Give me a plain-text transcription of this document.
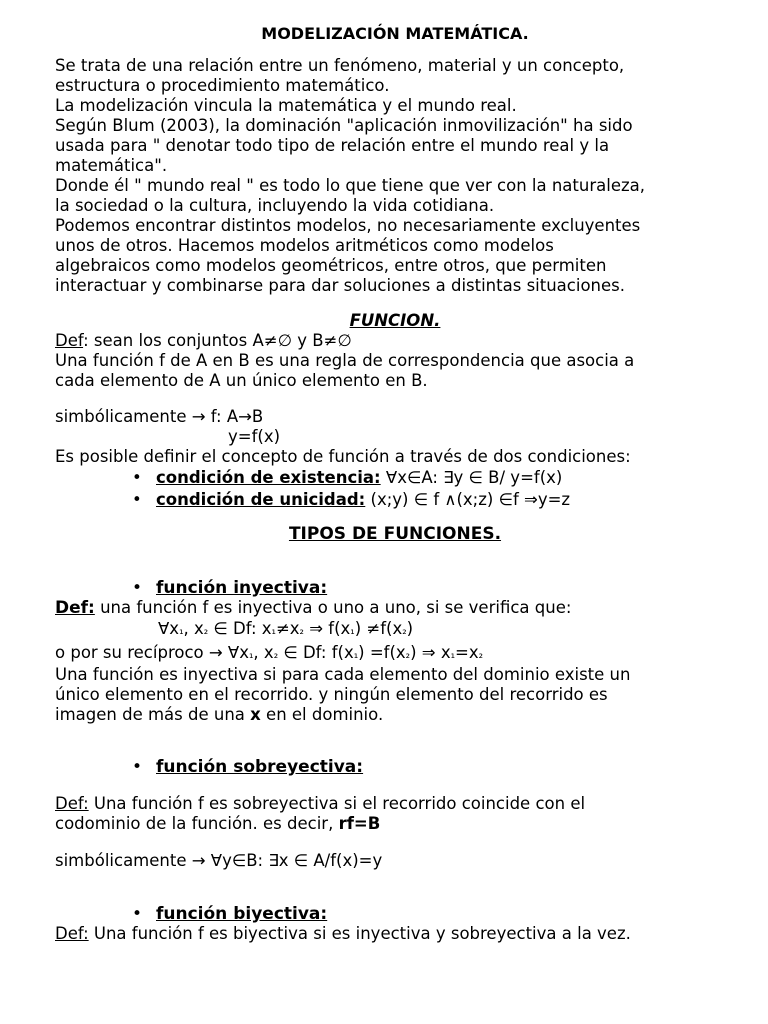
MODELIZACIÓN MATEMÁTICA.

Se trata de una relación entre un fenómeno, material y un concepto,

estructura o procedimiento matemático.

La modelización vincula la matemática y el mundo real.

Según Blum (2003), la dominación "aplicación inmovilización" ha sido

usada para " denotar todo tipo de relación entre el mundo real y la

matemática".

Donde él " mundo real " es todo lo que tiene que ver con la naturaleza,

la sociedad o la cultura, incluyendo la vida cotidiana.

Podemos encontrar distintos modelos, no necesariamente excluyentes

unos de otros. Hacemos modelos aritméticos como modelos

algebraicos como modelos geométricos, entre otros, que permiten

interactuar y combinarse para dar soluciones a distintas situaciones.

FUNCION.

Def: sean los conjuntos A≠∅ y B≠∅

Una función f de A en B es una regla de correspondencia que asocia a

cada elemento de A un único elemento en B.

simbólicamente → f: A→B

y=f(x)

Es posible definir el concepto de función a través de dos condiciones:

• condición de existencia: ∀x∈A: ∃y ∈ B/ y=f(x)

• condición de unicidad: (x;y) ∈ f ∧(x;z) ∈f ⇒y=z

TIPOS DE FUNCIONES.

• función inyectiva:

Def: una función f es inyectiva o uno a uno, si se verifica que:

∀x₁, x₂ ∈ Df: x₁≠x₂ ⇒ f(x₁) ≠f(x₂)

o por su recíproco → ∀x₁, x₂ ∈ Df: f(x₁) =f(x₂) ⇒ x₁=x₂

Una función es inyectiva si para cada elemento del dominio existe un

único elemento en el recorrido. y ningún elemento del recorrido es

imagen de más de una x en el dominio.

• función sobreyectiva:

Def: Una función f es sobreyectiva si el recorrido coincide con el

codominio de la función. es decir, rf=B

simbólicamente → ∀y∈B: ∃x ∈ A/f(x)=y

• función biyectiva:

Def: Una función f es biyectiva si es inyectiva y sobreyectiva a la vez.
